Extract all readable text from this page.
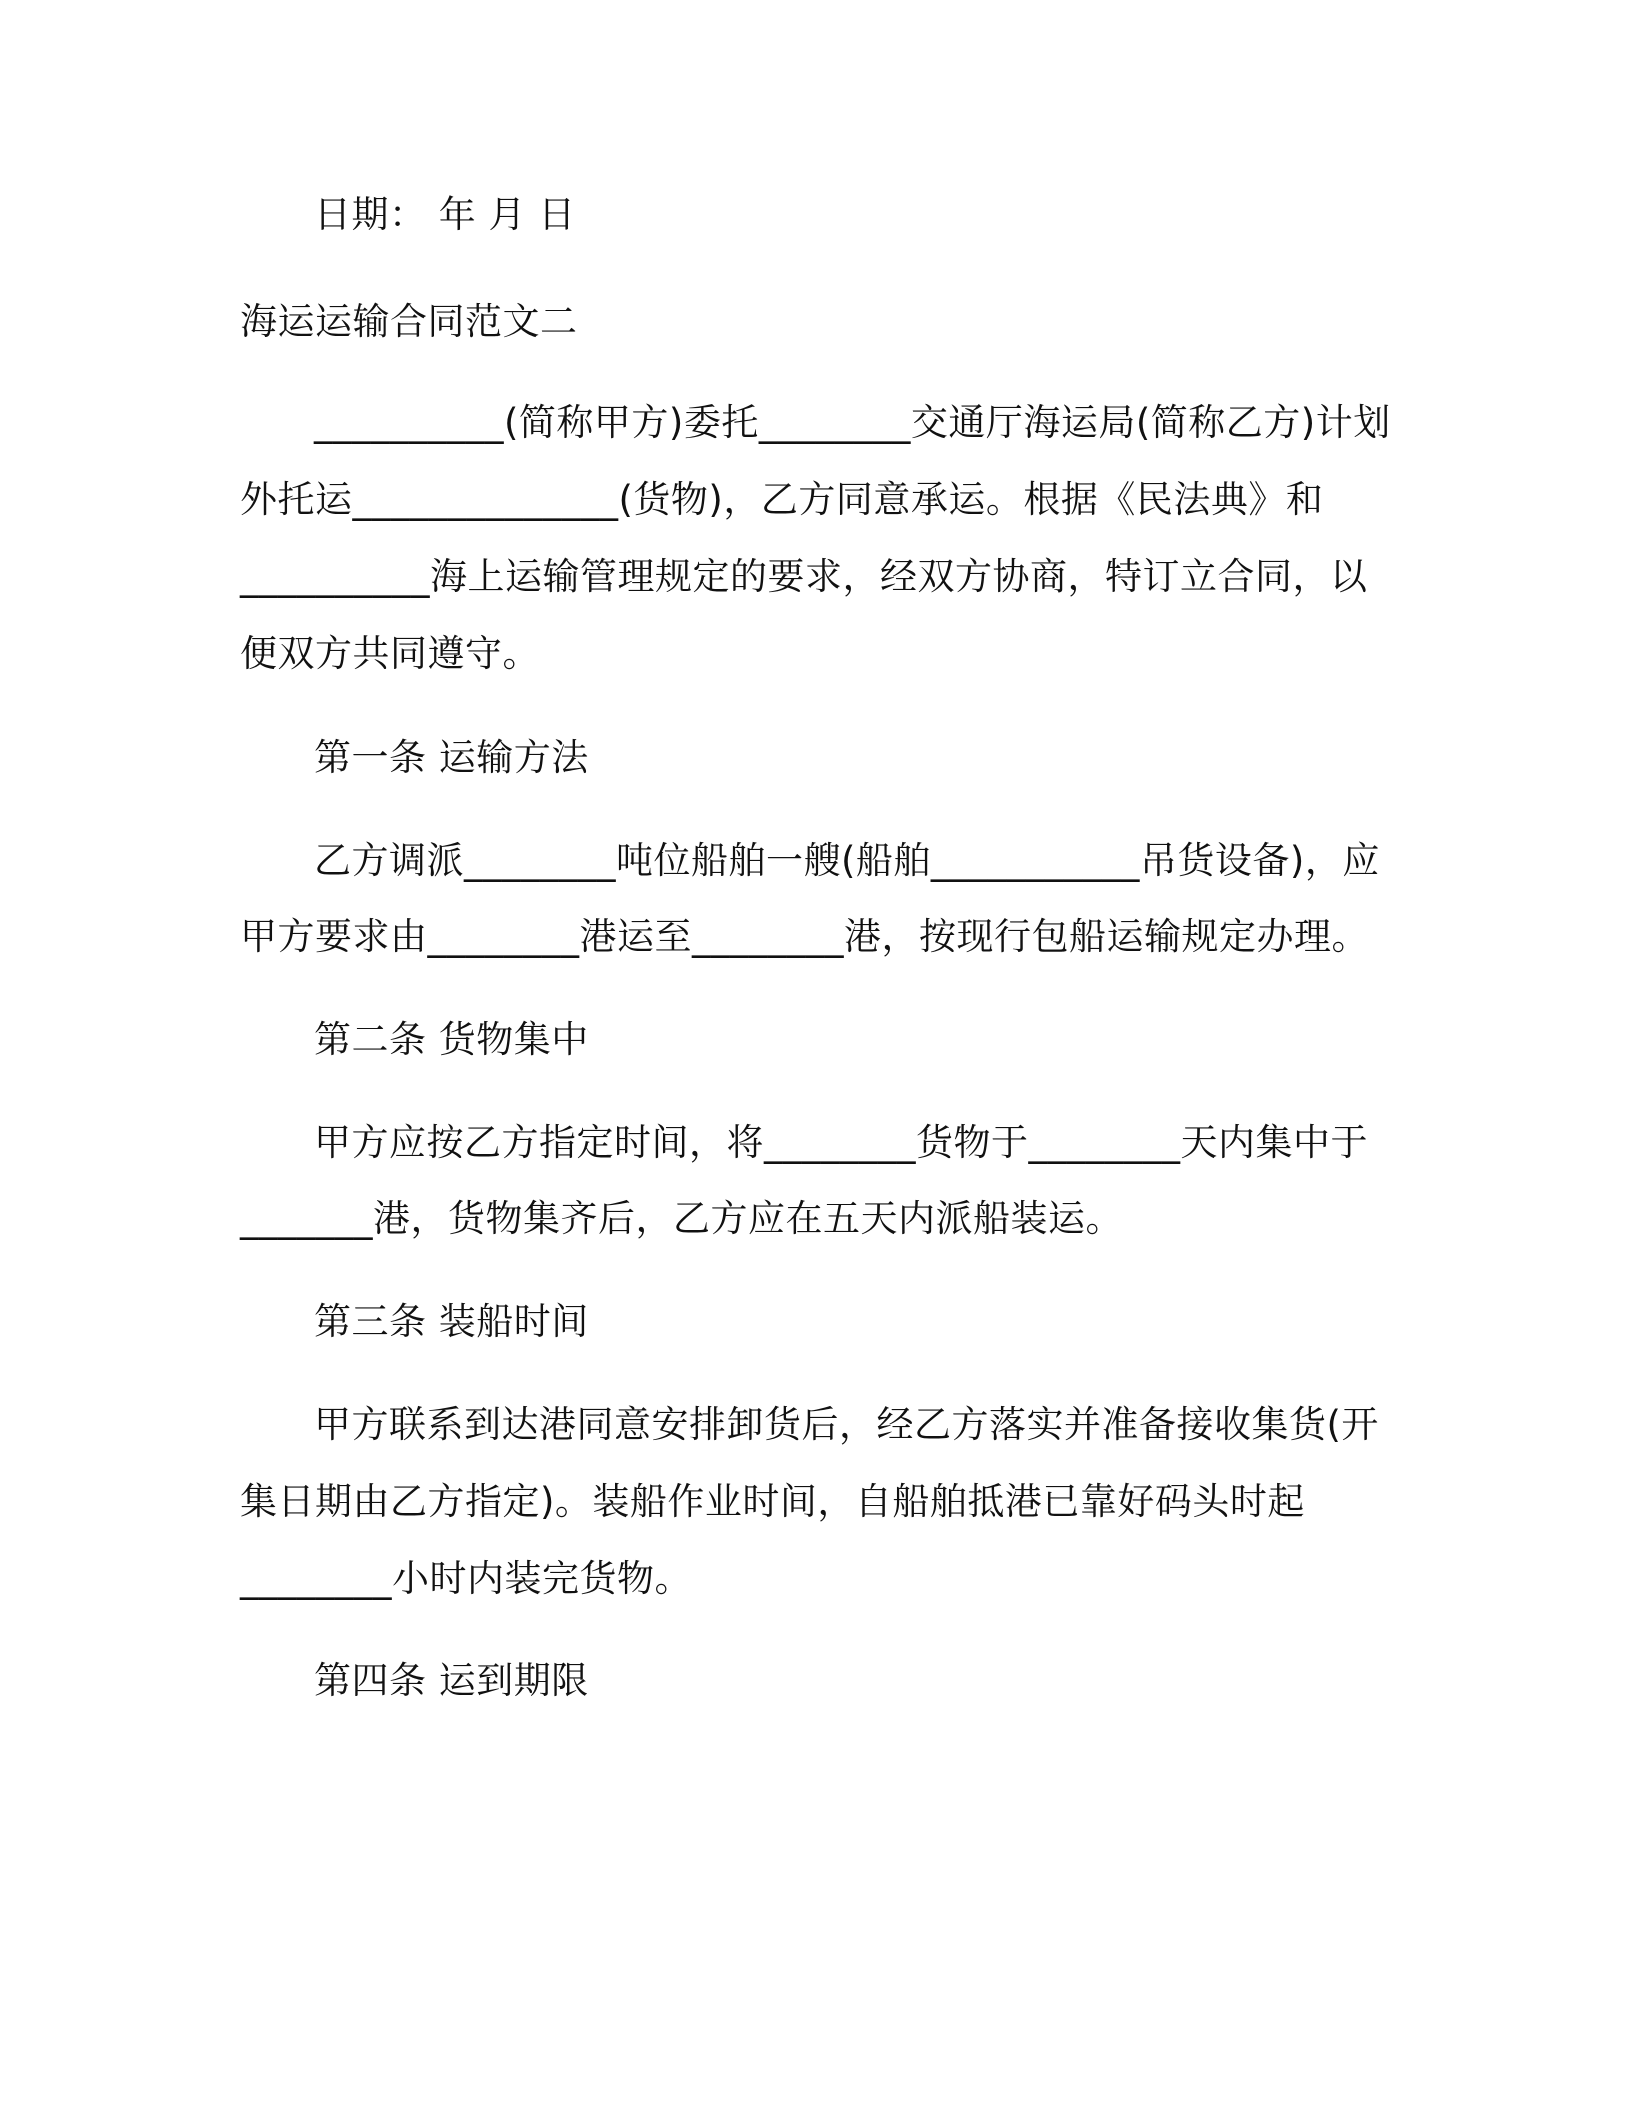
日期： 年 月 日
海运运输合同范文二
__________(简称甲方)委托________交通厅海运局(简称乙方)计划
外托运______________(货物)，乙方同意承运。根据《民法典》和
__________海上运输管理规定的要求，经双方协商，特订立合同，以
便双方共同遵守。
第一条 运输方法
乙方调派________吨位船舶一艘(船舶___________吊货设备)，应
甲方要求由________港运至________港，按现行包船运输规定办理。
第二条 货物集中
甲方应按乙方指定时间，将________货物于________天内集中于
_______港，货物集齐后，乙方应在五天内派船装运。
第三条 装船时间
甲方联系到达港同意安排卸货后，经乙方落实并准备接收集货(开
集日期由乙方指定)。装船作业时间，自船舶抵港已靠好码头时起
________小时内装完货物。
第四条 运到期限
